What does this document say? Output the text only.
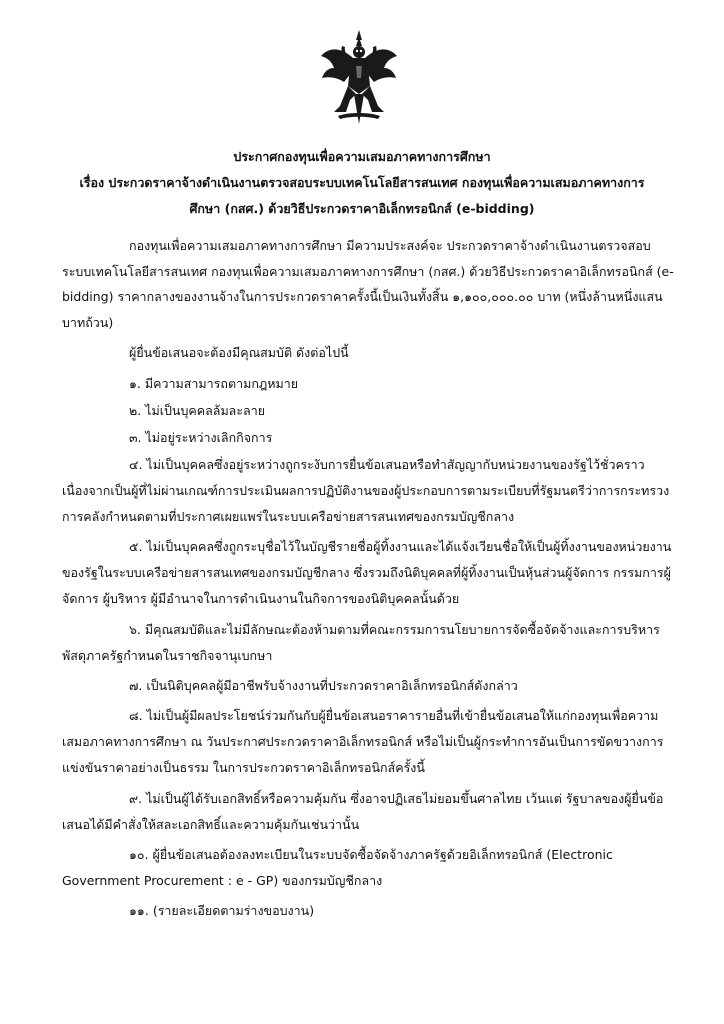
ประกาศกองทุนเพื่อความเสมอภาคทางการศึกษา
เรื่อง ประกวดราคาจ้างดำเนินงานตรวจสอบระบบเทคโนโลยีสารสนเทศ กองทุนเพื่อความเสมอภาคทางการ
ศึกษา (กสศ.) ด้วยวิธีประกวดราคาอิเล็กทรอนิกส์ (e-bidding)
กองทุนเพื่อความเสมอภาคทางการศึกษา มีความประสงค์จะ ประกวดราคาจ้างดำเนินงานตรวจสอบ
ระบบเทคโนโลยีสารสนเทศ กองทุนเพื่อความเสมอภาคทางการศึกษา (กสศ.) ด้วยวิธีประกวดราคาอิเล็กทรอนิกส์ (e-
bidding) ราคากลางของงานจ้างในการประกวดราคาครั้งนี้เป็นเงินทั้งสิ้น ๑,๑๐๐,๐๐๐.๐๐ บาท (หนึ่งล้านหนึ่งแสน
บาทถ้วน)
ผู้ยื่นข้อเสนอจะต้องมีคุณสมบัติ ดังต่อไปนี้
๑. มีความสามารถตามกฎหมาย
๒. ไม่เป็นบุคคลล้มละลาย
๓. ไม่อยู่ระหว่างเลิกกิจการ
๔. ไม่เป็นบุคคลซึ่งอยู่ระหว่างถูกระงับการยื่นข้อเสนอหรือทำสัญญากับหน่วยงานของรัฐไว้ชั่วคราว
เนื่องจากเป็นผู้ที่ไม่ผ่านเกณฑ์การประเมินผลการปฏิบัติงานของผู้ประกอบการตามระเบียบที่รัฐมนตรีว่าการกระทรวง
การคลังกำหนดตามที่ประกาศเผยแพร่ในระบบเครือข่ายสารสนเทศของกรมบัญชีกลาง
๕. ไม่เป็นบุคคลซึ่งถูกระบุชื่อไว้ในบัญชีรายชื่อผู้ทิ้งงานและได้แจ้งเวียนชื่อให้เป็นผู้ทิ้งงานของหน่วยงาน
ของรัฐในระบบเครือข่ายสารสนเทศของกรมบัญชีกลาง ซึ่งรวมถึงนิติบุคคลที่ผู้ทิ้งงานเป็นหุ้นส่วนผู้จัดการ กรรมการผู้
จัดการ ผู้บริหาร ผู้มีอำนาจในการดำเนินงานในกิจการของนิติบุคคลนั้นด้วย
๖. มีคุณสมบัติและไม่มีลักษณะต้องห้ามตามที่คณะกรรมการนโยบายการจัดซื้อจัดจ้างและการบริหาร
พัสดุภาครัฐกำหนดในราชกิจจานุเบกษา
๗. เป็นนิติบุคคลผู้มีอาชีพรับจ้างงานที่ประกวดราคาอิเล็กทรอนิกส์ดังกล่าว
๘. ไม่เป็นผู้มีผลประโยชน์ร่วมกันกับผู้ยื่นข้อเสนอราคารายอื่นที่เข้ายื่นข้อเสนอให้แก่กองทุนเพื่อความ
เสมอภาคทางการศึกษา ณ วันประกาศประกวดราคาอิเล็กทรอนิกส์ หรือไม่เป็นผู้กระทำการอันเป็นการขัดขวางการ
แข่งขันราคาอย่างเป็นธรรม ในการประกวดราคาอิเล็กทรอนิกส์ครั้งนี้
๙. ไม่เป็นผู้ได้รับเอกสิทธิ์หรือความคุ้มกัน ซึ่งอาจปฏิเสธไม่ยอมขึ้นศาลไทย เว้นแต่ รัฐบาลของผู้ยื่นข้อ
เสนอได้มีคำสั่งให้สละเอกสิทธิ์และความคุ้มกันเช่นว่านั้น
๑๐. ผู้ยื่นข้อเสนอต้องลงทะเบียนในระบบจัดซื้อจัดจ้างภาครัฐด้วยอิเล็กทรอนิกส์ (Electronic
Government Procurement : e - GP) ของกรมบัญชีกลาง
๑๑. (รายละเอียดตามร่างขอบงาน)
